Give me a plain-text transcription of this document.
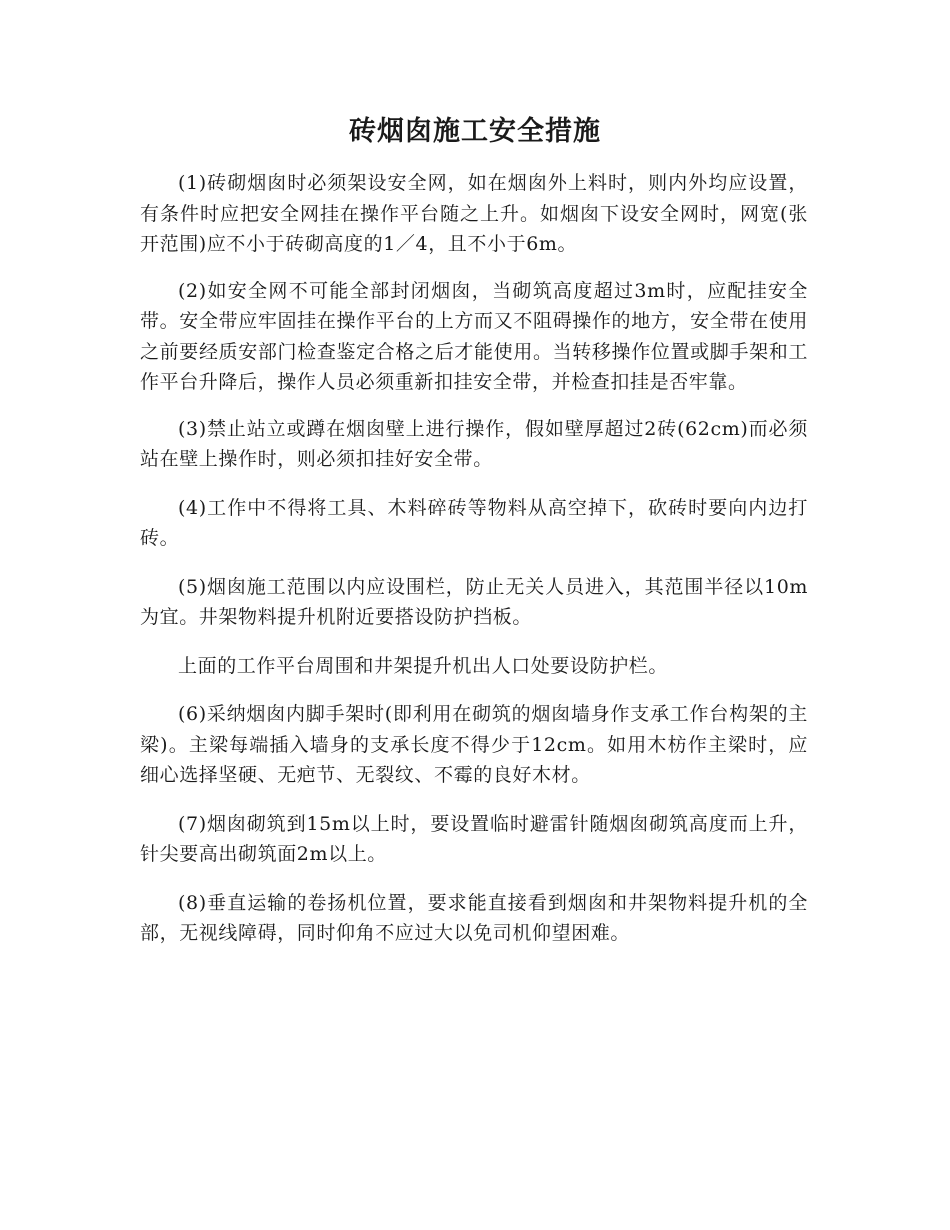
砖烟囱施工安全措施

(1)砖砌烟囱时必须架设安全网，如在烟囱外上料时，则内外均应设置，有条件时应把安全网挂在操作平台随之上升。如烟囱下设安全网时，网宽(张开范围)应不小于砖砌高度的1／4，且不小于6m。

(2)如安全网不可能全部封闭烟囱，当砌筑高度超过3m时，应配挂安全带。安全带应牢固挂在操作平台的上方而又不阻碍操作的地方，安全带在使用之前要经质安部门检查鉴定合格之后才能使用。当转移操作位置或脚手架和工作平台升降后，操作人员必须重新扣挂安全带，并检查扣挂是否牢靠。

(3)禁止站立或蹲在烟囱壁上进行操作，假如壁厚超过2砖(62cm)而必须站在壁上操作时，则必须扣挂好安全带。

(4)工作中不得将工具、木料碎砖等物料从高空掉下，砍砖时要向内边打砖。

(5)烟囱施工范围以内应设围栏，防止无关人员进入，其范围半径以10m为宜。井架物料提升机附近要搭设防护挡板。

上面的工作平台周围和井架提升机出人口处要设防护栏。

(6)采纳烟囱内脚手架时(即利用在砌筑的烟囱墙身作支承工作台构架的主梁)。主梁每端插入墙身的支承长度不得少于12cm。如用木枋作主梁时，应细心选择坚硬、无疤节、无裂纹、不霉的良好木材。

(7)烟囱砌筑到15m以上时，要设置临时避雷针随烟囱砌筑高度而上升，针尖要高出砌筑面2m以上。

(8)垂直运输的卷扬机位置，要求能直接看到烟囱和井架物料提升机的全部，无视线障碍，同时仰角不应过大以免司机仰望困难。
